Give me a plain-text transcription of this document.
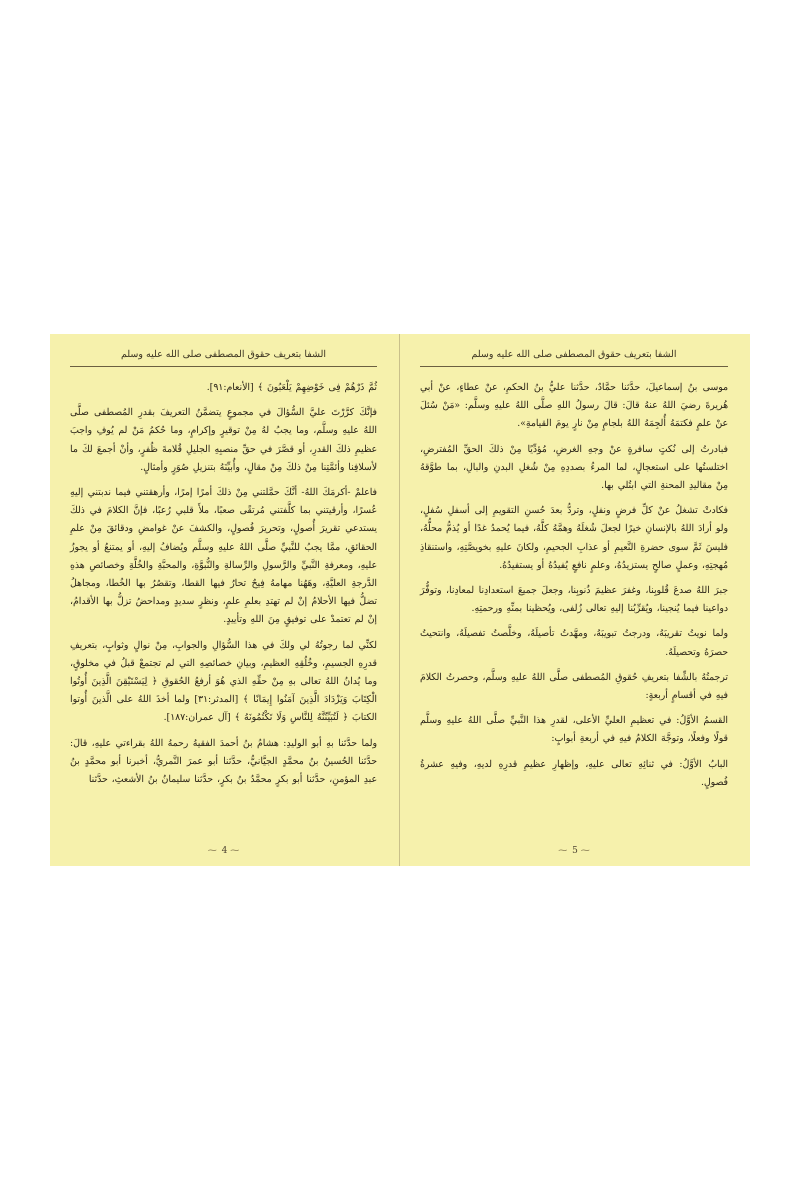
الشفا بتعريف حقوق المصطفى صلى الله عليه وسلم

ثُمَّ ذَرْهُمْ فِى خَوْضِهِمْ يَلْعَبُونَ ﴾ [الأنعام:٩١].

فإنَّكَ كرَّرْتَ عليَّ السُّؤالَ في مجموعٍ يتضمَّنُ التعريفَ بقدرِ المُصطفى صلَّى اللهُ عليهِ وسلَّم، وما يجبُ لهُ مِنْ توقيرٍ وإكرامٍ، وما حُكمُ مَنْ لم يُوفِ واجبَ عظيمِ ذلكَ القدرِ، أو قصَّرَ في حقِّ منصبِهِ الجليلِ قُلامةَ ظُفرٍ، وأنْ أجمعَ لكَ ما لأسلافِنا وأئمَّتِنا مِنْ ذلكَ مِنْ مقالٍ، وأُبيِّنَهُ بتنزيلِ صُوَرٍ وأمثالٍ.

فاعلمْ -أكرمَكَ اللهُ- أنَّكَ حمَّلتني مِنْ ذلكَ أمرًا إمرًا، وأرهقتني فيما ندبتني إليهِ عُسرًا، وأرقيتني بما كلَّفتني مُرتقًى صعبًا، ملأَ قلبي رُعبًا، فإنَّ الكلامَ في ذلكَ يستدعي تقريرَ أُصولٍ، وتحريرَ فُصولٍ، والكشفَ عنْ غوامضِ ودقائقَ مِنْ علمِ الحقائقِ، ممَّا يجبُ للنَّبيِّ صلَّى اللهُ عليهِ وسلَّم ويُضافُ إليهِ، أو يمتنعُ أو يجوزُ عليهِ، ومعرفةِ النَّبيِّ والرَّسولِ والرِّسالةِ والنُّبوَّةِ، والمحبَّةِ والخُلَّةِ وخصائصِ هذهِ الدَّرجةِ العليَّةِ، وهَهُنا مهامهُ فِيحٌ تحارُ فيها القطا، وتقصُرُ بها الخُطا، ومجاهلُ تضلُّ فيها الأحلامُ إنْ لم تهتدِ بعلمِ علمٍ، ونظرٍ سديدٍ ومداحضُ تزلُّ بها الأقدامُ، إنْ لم تعتمدْ على توفيقٍ مِنَ اللهِ وتأييدٍ.

لكنِّي لما رجوتُهُ لي ولكَ في هذا السُّؤالِ والجوابِ، مِنْ نوالٍ وثوابٍ، بتعريفِ قدرِهِ الجسيمِ، وخُلُقِهِ العظيمِ، وبيانِ خصائصِهِ التي لم تجتمعْ قبلُ في مخلوقٍ، وما يُدانُ اللهُ تعالى بهِ مِنْ حقِّهِ الذي هُوَ أرفعُ الحُقوقِ ﴿ لِيَسْتَيْقِنَ الَّذِينَ أُوتُوا الْكِتَابَ وَيَزْدَادَ الَّذِينَ آمَنُوا إِيمَانًا ﴾ [المدثر:٣١] ولما أخذَ اللهُ على الَّذينَ أُوتوا الكتابَ ﴿ لَتُبَيِّنُنَّهُ لِلنَّاسِ وَلَا تَكْتُمُونَهُ ﴾ [آل عمران:١٨٧].

ولما حدَّثنا بهِ أبو الوليدِ: هشامُ بنُ أحمدَ الفقيهُ رحمهُ اللهُ بقراءتي عليهِ، قالَ: حدَّثنا الحُسينُ بنُ محمَّدٍ الجيَّانيُّ، حدَّثنا أبو عمرَ النَّمريُّ، أخبرنا أبو محمَّدٍ بنُ عبدِ المؤمنِ، حدَّثنا أبو بكرٍ محمَّدُ بنُ بكرٍ، حدَّثنا سليمانُ بنُ الأشعثِ، حدَّثنا

⁓ 4 ⁓
الشفا بتعريف حقوق المصطفى صلى الله عليه وسلم

موسى بنُ إسماعيلَ، حدَّثنا حمَّادٌ، حدَّثنا عليُّ بنُ الحكمِ، عنْ عطاءٍ، عنْ أبي هُريرةَ رضيَ اللهُ عنهُ قالَ: قالَ رسولُ اللهِ صلَّى اللهُ عليهِ وسلَّم: «مَنْ سُئلَ عنْ علمٍ فكتمَهُ أُلجِمَهُ اللهُ بلجامٍ مِنْ نارٍ يومَ القيامةِ».

فبادرتُ إلى نُكتٍ سافرةٍ عنْ وجهِ الغرضِ، مُؤدِّيًا مِنْ ذلكَ الحقِّ المُفترضِ، اختلستُها على استعجالٍ، لما المرءُ بصددِهِ مِنْ شُغلِ البدنِ والبالِ، بما طوَّقهُ مِنْ مقاليدِ المحنةِ التي ابتُلي بها.

فكادتْ تشغلُ عنْ كلِّ فرضٍ ونفلٍ، وتردُّ بعدَ حُسنِ التقويمِ إلى أسفلِ سُفلٍ، ولو أرادَ اللهُ بالإنسانِ خيرًا لجعلَ شُغلَهُ وهمَّهُ كلَّهُ، فيما يُحمدُ غدًا أو يُذمُّ محلُّهُ، فليسَ ثَمَّ سوى حضرةِ النَّعيمِ أو عذابِ الجحيمِ، ولكانَ عليهِ بخويصَّتِهِ، واستنقاذِ مُهجتِهِ، وعملٍ صالحٍ يستزيدُهُ، وعلمٍ نافعٍ يُفيدُهُ أو يستفيدُهُ.

جبرَ اللهُ صدعَ قُلوبِنا، وغفرَ عظيمَ ذُنوبِنا، وجعلَ جميعَ استعدادِنا لمعادِنا، وتوفُّرَ دواعينا فيما يُنجينا، ويُقرِّبُنا إليهِ تعالى زُلفى، ويُحظينا بمنِّهِ ورحمتِهِ.

ولما نويتُ تقريبَهُ، ودرجتُ تبويبَهُ، ومهَّدتُ تأصيلَهُ، وخلَّصتُ تفصيلَهُ، وانتحيتُ حصرَهُ وتحصيلَهُ.

ترجمتُهُ بالشِّفا بتعريفِ حُقوقِ المُصطفى صلَّى اللهُ عليهِ وسلَّم، وحصرتُ الكلامَ فيهِ في أقسامٍ أربعةٍ:

القسمُ الأوَّلُ: في تعظيمِ العليِّ الأعلى، لقدرِ هذا النَّبيِّ صلَّى اللهُ عليهِ وسلَّم قولًا وفعلًا، وتوجَّهَ الكلامُ فيهِ في أربعةِ أبوابٍ:

البابُ الأوَّلُ: في ثنائِهِ تعالى عليهِ، وإظهارِ عظيمِ قدرِهِ لديهِ، وفيهِ عشرةُ فُصولٍ.

⁓ 5 ⁓
